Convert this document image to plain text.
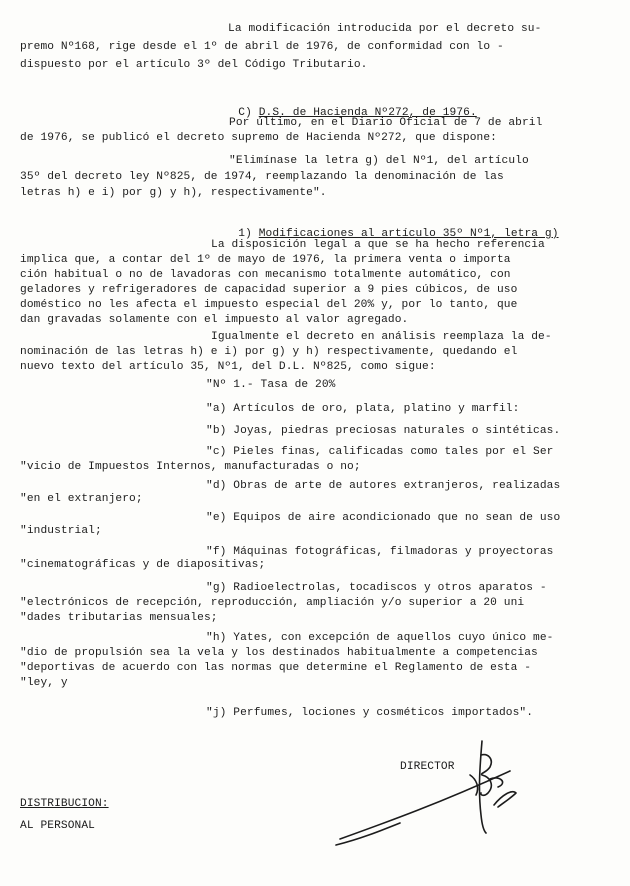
La modificación introducida por el decreto su-
premo Nº168, rige desde el 1º de abril de 1976, de conformidad con lo -
dispuesto por el artículo 3º del Código Tributario.

C) D.S. de Hacienda Nº272, de 1976.

Por último, en el Diario Oficial de 7 de abril
de 1976, se publicó el decreto supremo de Hacienda Nº272, que dispone:
"Elimínase la letra g) del Nº1, del artículo
35º del decreto ley Nº825, de 1974, reemplazando la denominación de las
letras h) e i) por g) y h), respectivamente".

1) Modificaciones al artículo 35º Nº1, letra g)

La disposición legal a que se ha hecho referencia
implica que, a contar del 1º de mayo de 1976, la primera venta o importa
ción habitual o no de lavadoras con mecanismo totalmente automático, con
geladores y refrigeradores de capacidad superior a 9 pies cúbicos, de uso
doméstico no les afecta el impuesto especial del 20% y, por lo tanto, que
dan gravadas solamente con el impuesto al valor agregado.
Igualmente el decreto en análisis reemplaza la de-
nominación de las letras h) e i) por g) y h) respectivamente, quedando el
nuevo texto del artículo 35, Nº1, del D.L. Nº825, como sigue:
"Nº 1.- Tasa de 20%
"a) Artículos de oro, plata, platino y marfil:
"b) Joyas, piedras preciosas naturales o sintéticas.
"c) Pieles finas, calificadas como tales por el Ser
"vicio de Impuestos Internos, manufacturadas o no;
"d) Obras de arte de autores extranjeros, realizadas
"en el extranjero;
"e) Equipos de aire acondicionado que no sean de uso
"industrial;
"f) Máquinas fotográficas, filmadoras y proyectoras
"cinematográficas y de diapositivas;
"g) Radioelectrolas, tocadiscos y otros aparatos -
"electrónicos de recepción, reproducción, ampliación y/o superior a 20 uni
"dades tributarias mensuales;
"h) Yates, con excepción de aquellos cuyo único me-
"dio de propulsión sea la vela y los destinados habitualmente a competencias
"deportivas de acuerdo con las normas que determine el Reglamento de esta -
"ley, y
"j) Perfumes, lociones y cosméticos importados".
DIRECTOR
DISTRIBUCION:
AL PERSONAL
